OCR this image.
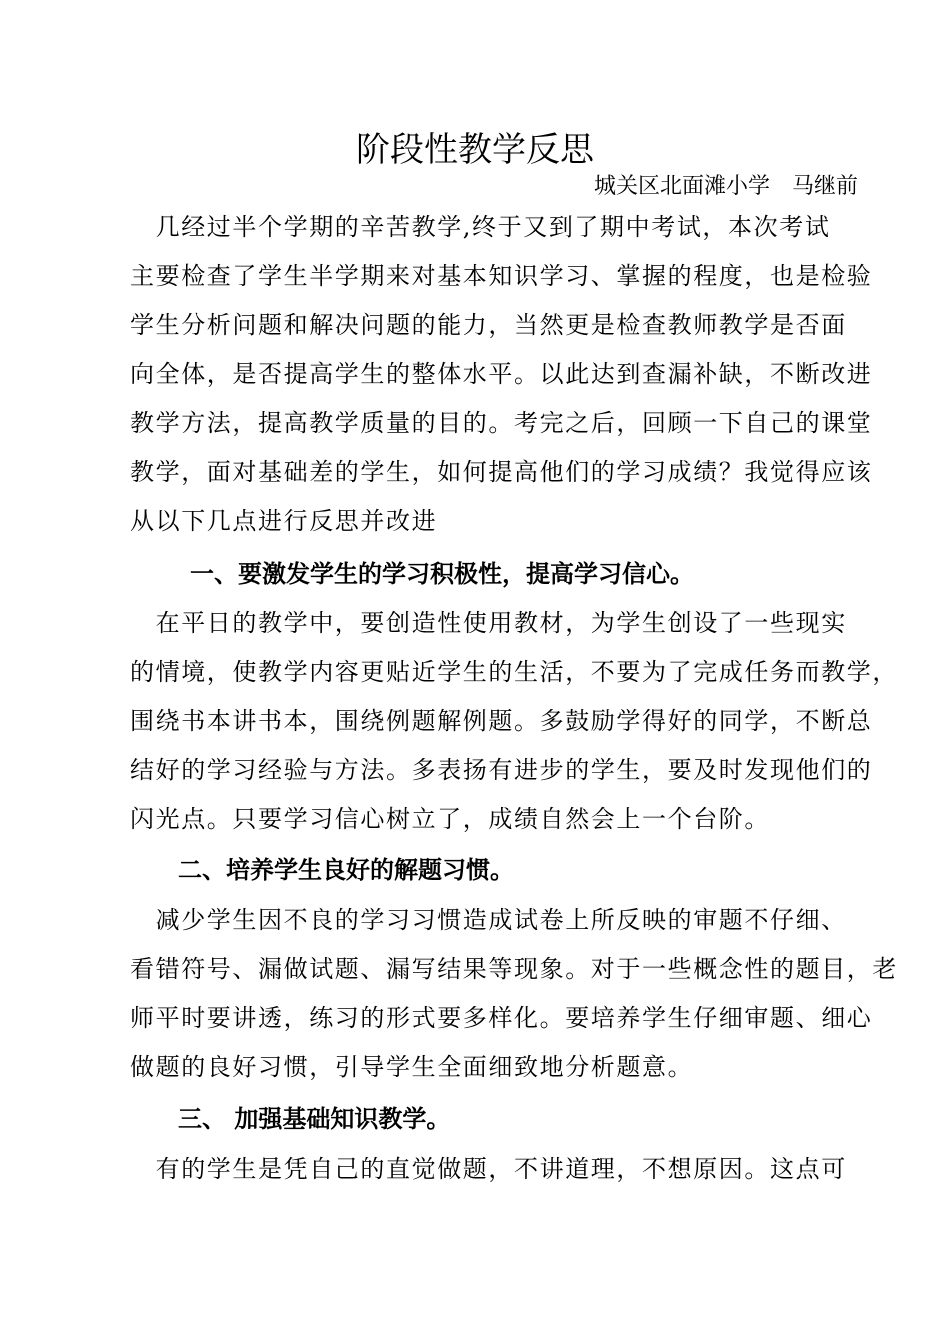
阶段性教学反思
城关区北面滩小学　马继前
　几经过半个学期的辛苦教学,终于又到了期中考试，本次考试
主要检查了学生半学期来对基本知识学习、掌握的程度，也是检验
学生分析问题和解决问题的能力，当然更是检查教师教学是否面
向全体，是否提高学生的整体水平。以此达到查漏补缺，不断改进
教学方法，提高教学质量的目的。考完之后，回顾一下自己的课堂
教学，面对基础差的学生，如何提高他们的学习成绩？我觉得应该
从以下几点进行反思并改进
一、要激发学生的学习积极性，提高学习信心。
　在平日的教学中，要创造性使用教材，为学生创设了一些现实
的情境，使教学内容更贴近学生的生活，不要为了完成任务而教学，
围绕书本讲书本，围绕例题解例题。多鼓励学得好的同学，不断总
结好的学习经验与方法。多表扬有进步的学生，要及时发现他们的
闪光点。只要学习信心树立了，成绩自然会上一个台阶。
二、培养学生良好的解题习惯。
　减少学生因不良的学习习惯造成试卷上所反映的审题不仔细、
看错符号、漏做试题、漏写结果等现象。对于一些概念性的题目，老
师平时要讲透，练习的形式要多样化。要培养学生仔细审题、细心
做题的良好习惯，引导学生全面细致地分析题意。
三、 加强基础知识教学。
　有的学生是凭自己的直觉做题，不讲道理，不想原因。这点可
